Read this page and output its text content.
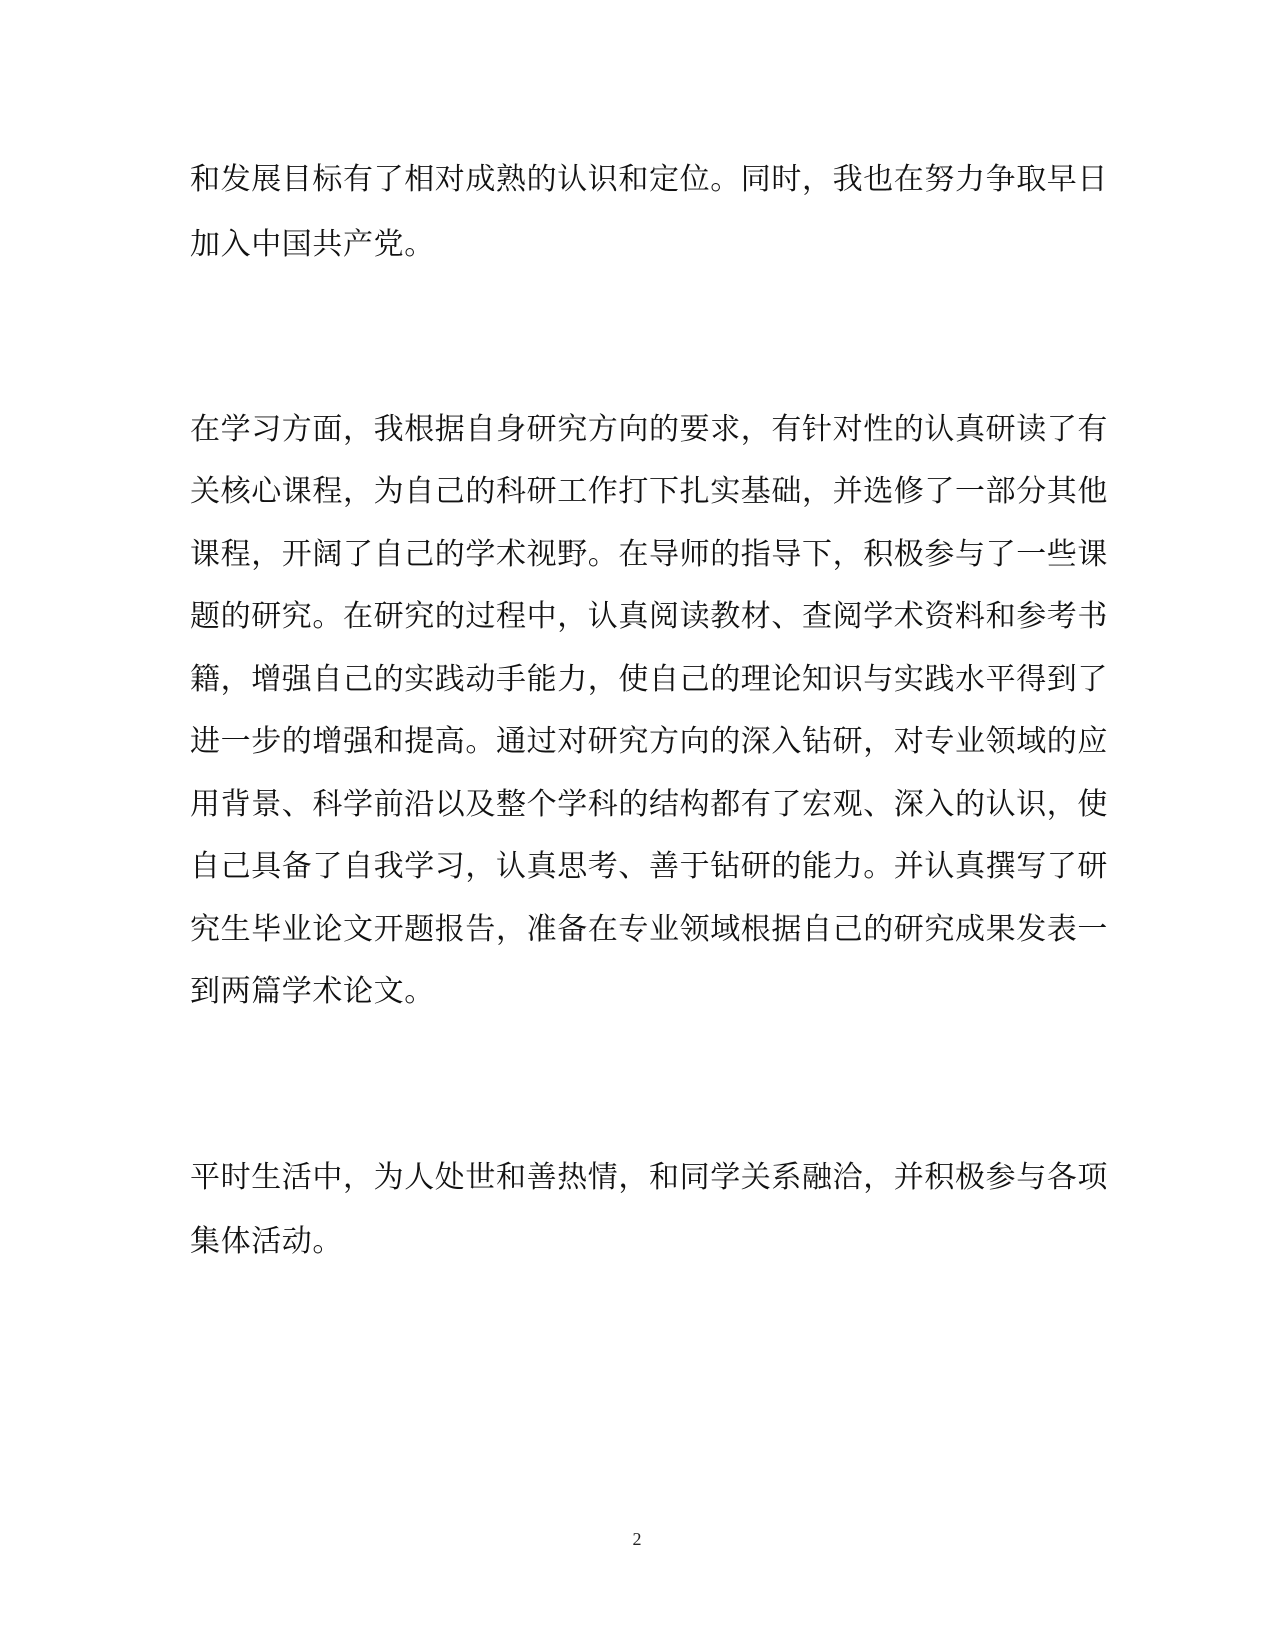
和发展目标有了相对成熟的认识和定位。同时，我也在努力争取早日
加入中国共产党。
在学习方面，我根据自身研究方向的要求，有针对性的认真研读了有
关核心课程，为自己的科研工作打下扎实基础，并选修了一部分其他
课程，开阔了自己的学术视野。在导师的指导下，积极参与了一些课
题的研究。在研究的过程中，认真阅读教材、查阅学术资料和参考书
籍，增强自己的实践动手能力，使自己的理论知识与实践水平得到了
进一步的增强和提高。通过对研究方向的深入钻研，对专业领域的应
用背景、科学前沿以及整个学科的结构都有了宏观、深入的认识，使
自己具备了自我学习，认真思考、善于钻研的能力。并认真撰写了研
究生毕业论文开题报告，准备在专业领域根据自己的研究成果发表一
到两篇学术论文。
平时生活中，为人处世和善热情，和同学关系融洽，并积极参与各项
集体活动。
2
